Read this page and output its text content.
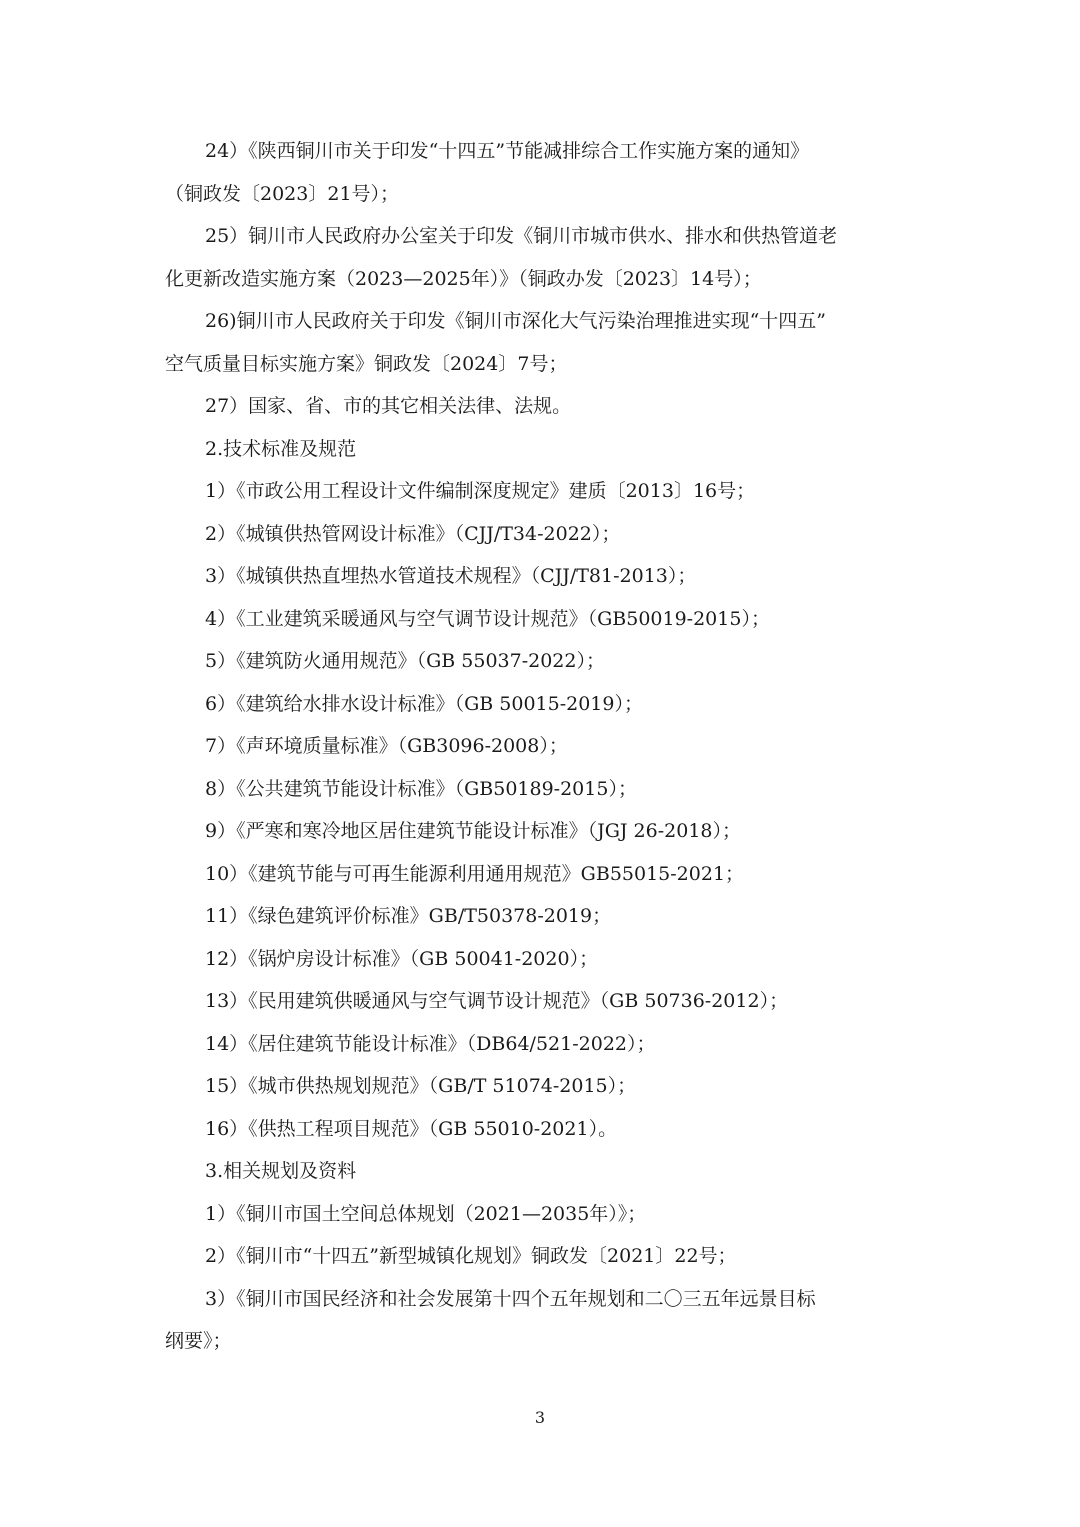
24）《陕西铜川市关于印发“十四五”节能减排综合工作实施方案的通知》
（铜政发〔2023〕21号）；
25）铜川市人民政府办公室关于印发《铜川市城市供水、排水和供热管道老
化更新改造实施方案（2023—2025年）》（铜政办发〔2023〕14号）；
26)铜川市人民政府关于印发《铜川市深化大气污染治理推进实现“十四五”
空气质量目标实施方案》铜政发〔2024〕7号；
27）国家、省、市的其它相关法律、法规。
2.技术标准及规范
1）《市政公用工程设计文件编制深度规定》建质〔2013〕16号；
2）《城镇供热管网设计标准》（CJJ/T34-2022）；
3）《城镇供热直埋热水管道技术规程》（CJJ/T81-2013）；
4）《工业建筑采暖通风与空气调节设计规范》（GB50019-2015）；
5）《建筑防火通用规范》（GB 55037-2022）；
6）《建筑给水排水设计标准》（GB 50015-2019）；
7）《声环境质量标准》（GB3096-2008）；
8）《公共建筑节能设计标准》（GB50189-2015）；
9）《严寒和寒冷地区居住建筑节能设计标准》（JGJ 26-2018）；
10）《建筑节能与可再生能源利用通用规范》GB55015-2021；
11）《绿色建筑评价标准》GB/T50378-2019；
12）《锅炉房设计标准》（GB 50041-2020）；
13）《民用建筑供暖通风与空气调节设计规范》（GB 50736-2012）；
14）《居住建筑节能设计标准》（DB64/521-2022）；
15）《城市供热规划规范》（GB/T 51074-2015）；
16）《供热工程项目规范》（GB 55010-2021）。
3.相关规划及资料
1）《铜川市国土空间总体规划（2021—2035年）》；
2）《铜川市“十四五”新型城镇化规划》铜政发〔2021〕22号；
3）《铜川市国民经济和社会发展第十四个五年规划和二〇三五年远景目标
纲要》；
3
